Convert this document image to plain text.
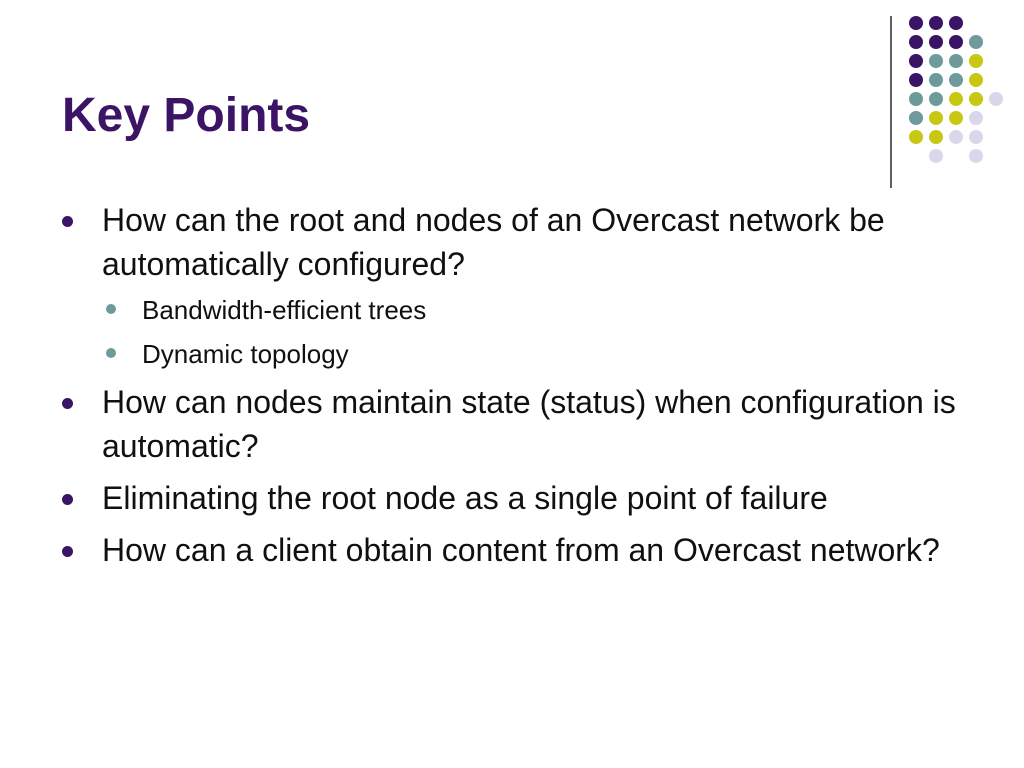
Key Points
How can the root and nodes of an Overcast network be automatically configured?
Bandwidth-efficient trees
Dynamic topology
How can nodes maintain state (status) when configuration is automatic?
Eliminating the root node as a single point of failure
How can a client obtain content from an Overcast network?
